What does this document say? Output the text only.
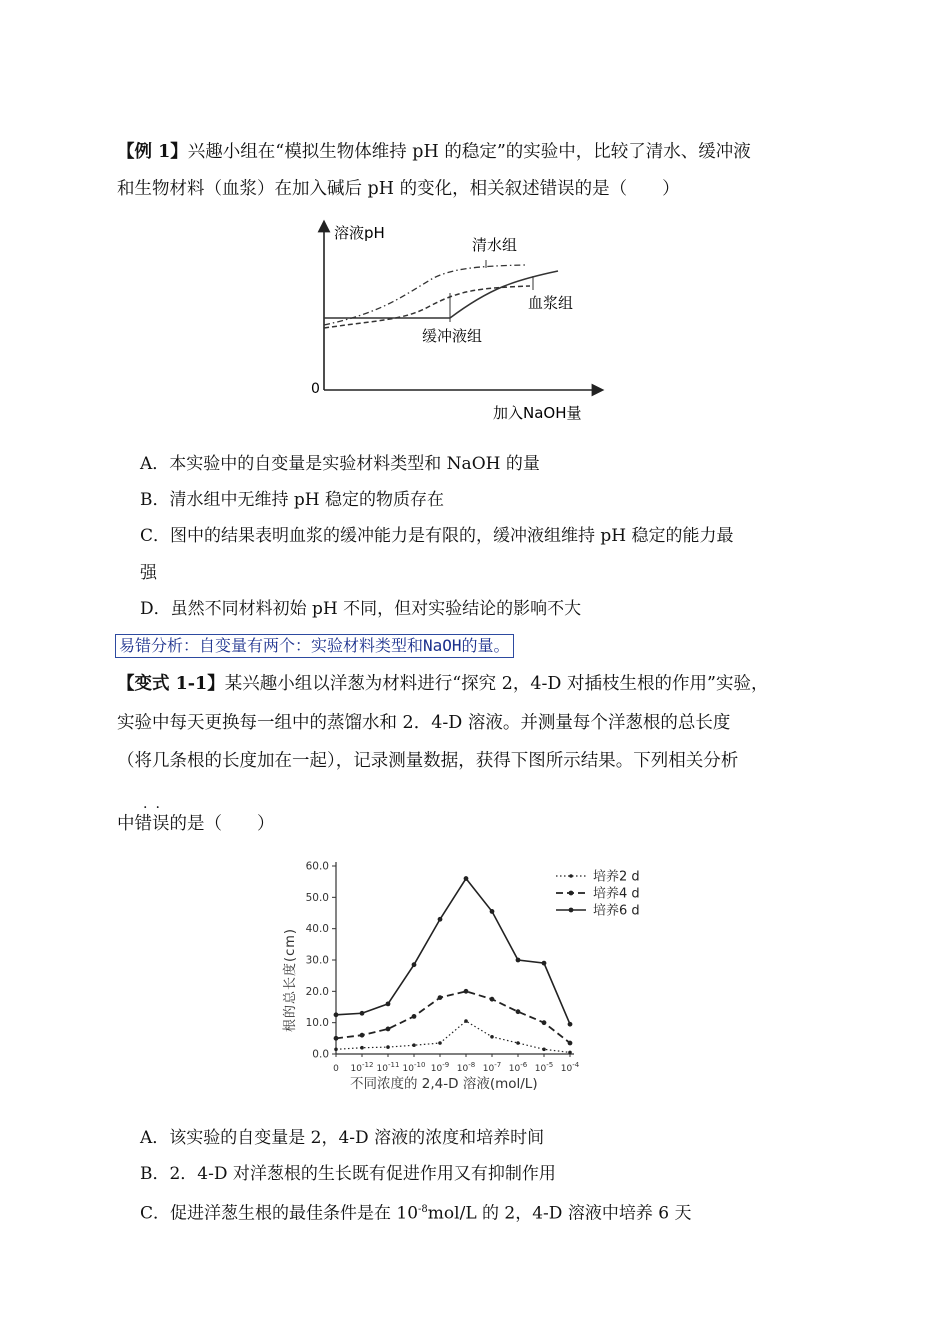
【例 1】兴趣小组在“模拟生物体维持 pH 的稳定”的实验中，比较了清水、缓冲液
和生物材料（血浆）在加入碱后 pH 的变化，相关叙述错误的是（　　）
溶液pH
0
加入NaOH量
清水组
血浆组
缓冲液组
A．本实验中的自变量是实验材料类型和 NaOH 的量
B．清水组中无维持 pH 稳定的物质存在
C．图中的结果表明血浆的缓冲能力是有限的，缓冲液组维持 pH 稳定的能力最
强
D．虽然不同材料初始 pH 不同，但对实验结论的影响不大
易错分析：自变量有两个：实验材料类型和NaOH的量。
【变式 1-1】某兴趣小组以洋葱为材料进行“探究 2，4-D 对插枝生根的作用”实验，
实验中每天更换每一组中的蒸馏水和 2．4-D 溶液。并测量每个洋葱根的总长度
（将几条根的长度加在一起），记录测量数据，获得下图所示结果。下列相关分析
..
中错误的是（　　）
0.0
10.0
20.0
30.0
40.0
50.0
60.0
0 $10^{-12}$ $10^{-11}$ $10^{-10}$ $10^{-9}$ $10^{-8}$ $10^{-7}$ $10^{-6}$ $10^{-5}$ $10^{-4}$
培养2 d
培养4 d
培养6 d
根的总长度(cm)
不同浓度的 2,4-D 溶液(mol/L)
A．该实验的自变量是 2，4-D 溶液的浓度和培养时间
B．2．4-D 对洋葱根的生长既有促进作用又有抑制作用
C．促进洋葱生根的最佳条件是在 $10^{-8}mol/L$ 的 2，4-D 溶液中培养 6 天
